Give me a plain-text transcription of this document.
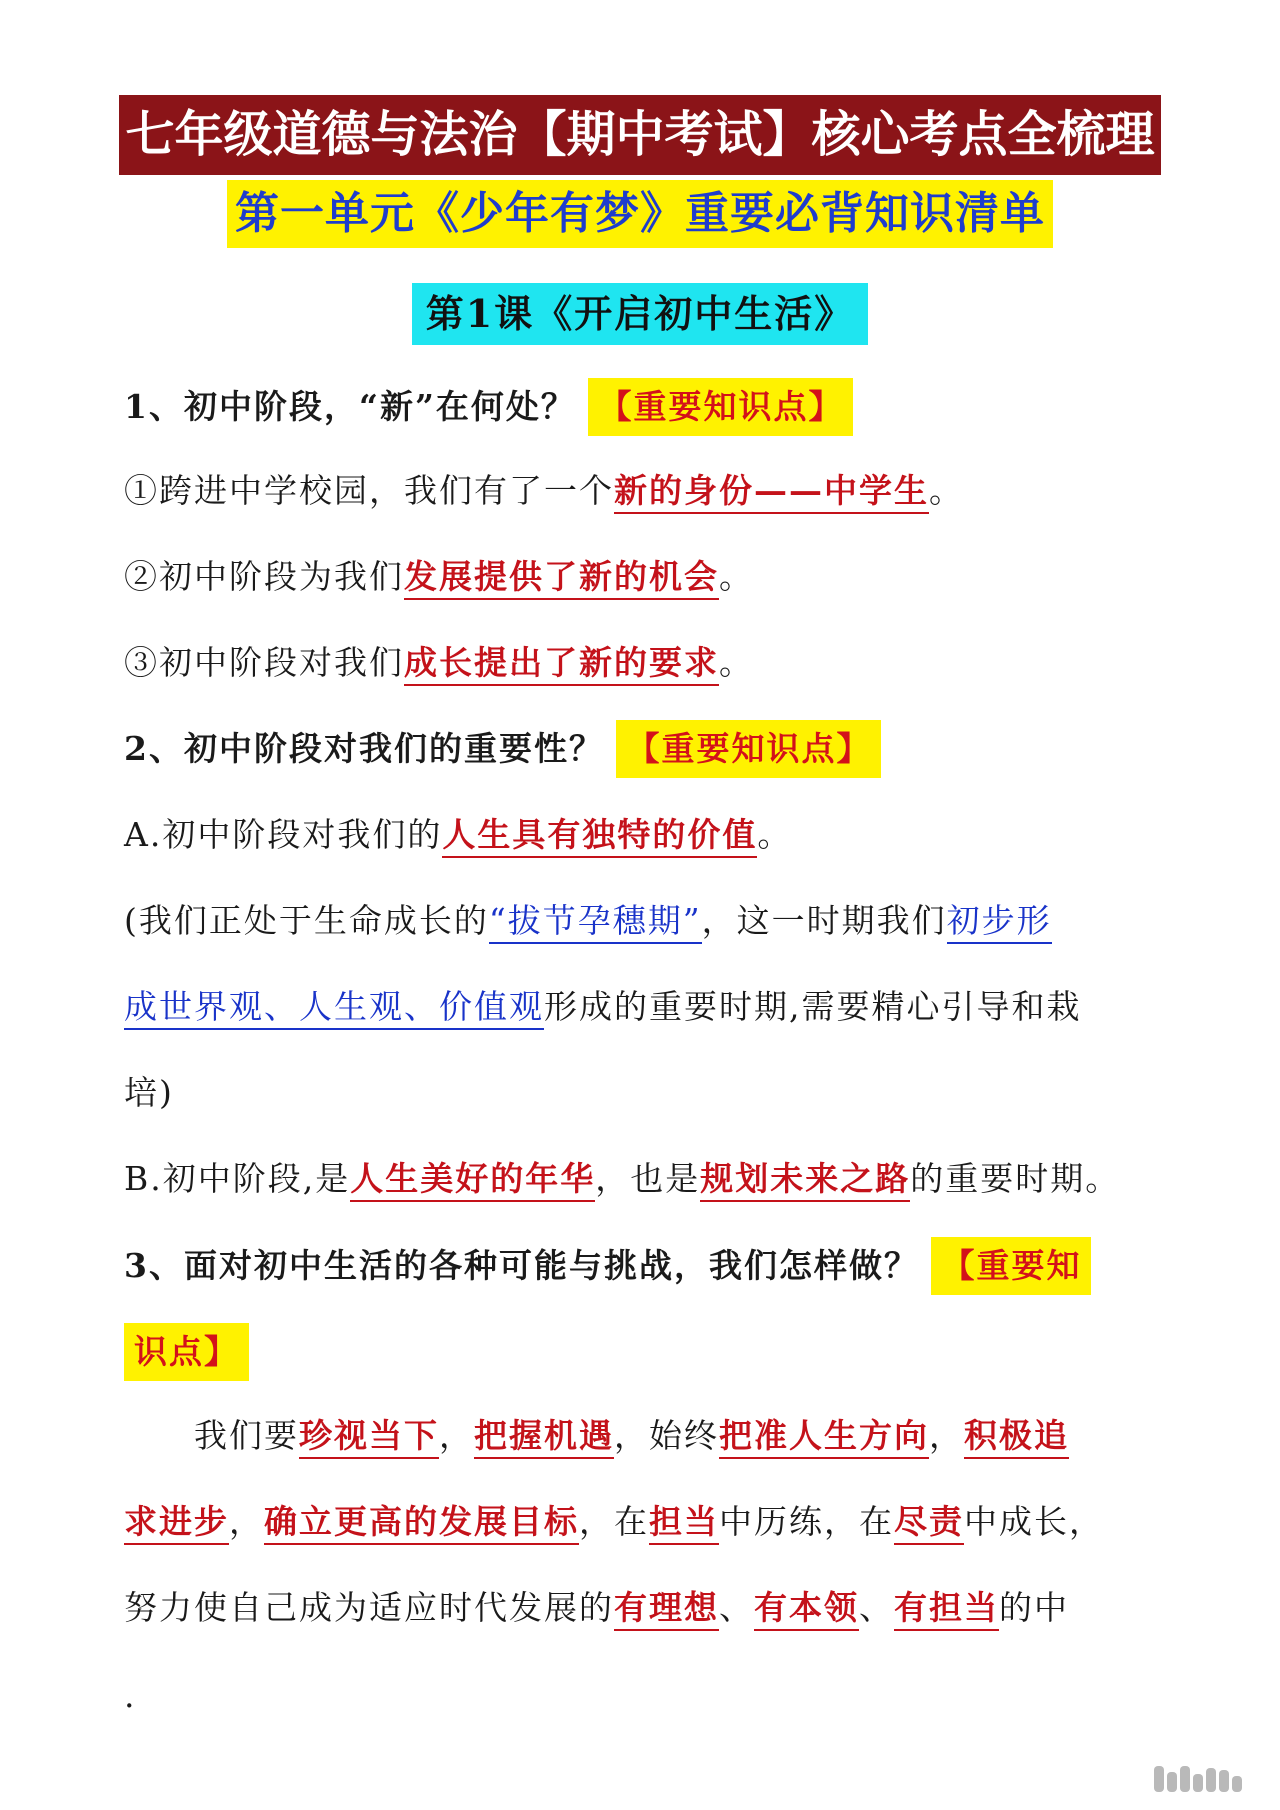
七年级道德与法治【期中考试】核心考点全梳理
第一单元《少年有梦》重要必背知识清单
第1课《开启初中生活》
1、初中阶段，“新”在何处？ 【重要知识点】
①跨进中学校园，我们有了一个新的身份——中学生。
②初中阶段为我们发展提供了新的机会。
③初中阶段对我们成长提出了新的要求。
2、初中阶段对我们的重要性？ 【重要知识点】
A.初中阶段对我们的人生具有独特的价值。
(我们正处于生命成长的“拔节孕穗期”，这一时期我们初步形
成世界观、人生观、价值观形成的重要时期,需要精心引导和栽
培)
B.初中阶段,是人生美好的年华，也是规划未来之路的重要时期。
3、面对初中生活的各种可能与挑战，我们怎样做？ 【重要知
识点】
我们要珍视当下，把握机遇，始终把准人生方向，积极追
求进步，确立更高的发展目标，在担当中历练，在尽责中成长，
努力使自己成为适应时代发展的有理想、有本领、有担当的中
.
